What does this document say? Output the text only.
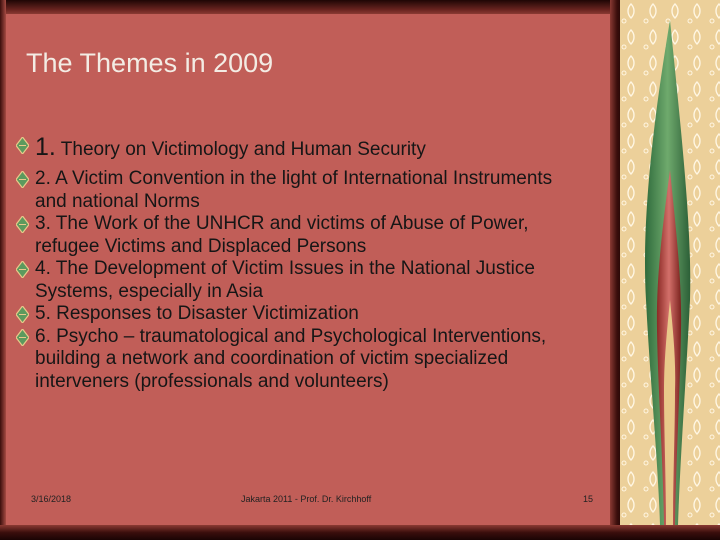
The Themes in 2009
1. Theory on Victimology and Human Security
2. A Victim Convention in the light of International Instruments and national Norms
3. The Work of the UNHCR and victims of Abuse of Power, refugee Victims and Displaced Persons
4. The Development of Victim Issues in the National Justice Systems, especially in Asia
5. Responses to Disaster Victimization
6. Psycho – traumatological and Psychological Interventions, building a network and coordination of victim specialized interveners (professionals and volunteers)
3/16/2018	Jakarta 2011 - Prof. Dr. Kirchhoff	15
